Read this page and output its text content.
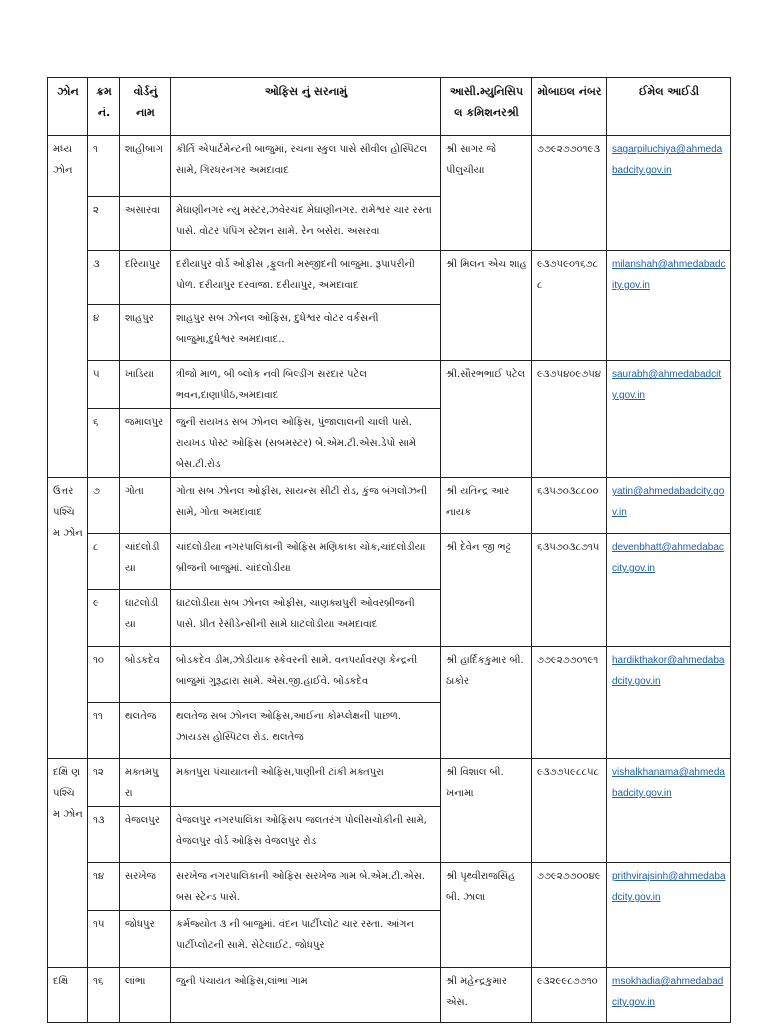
ઝોન	ક્રમ નં.	વોર્ડનું નામ	ઓફિસ નું સરનામું	આસી.મ્યુનિસિપલ કમિશનરશ્રી	મોબાઇલ નંબર	ઈમેલ આઈડી
મધ્ય ઝોન	૧	શાહીબાગ	કીર્તિ એપાર્ટમેન્ટની બાજુમાં, રચના સ્કુલ પાસે સીવીલ હોસ્પિટલ સામે, ગિરધરનગર અમદાવાદ	શ્રી સાગર જે પીલુચીયા	૭૭૯૨૭૭૦૧૯૩	sagarpiluchiya@ahmedabadcity.gov.in
	૨	અસારવા	મેઘાણીનગર ન્યુ મસ્ટર,ઝવેરચંદ મેઘાણીનગર. રામેશ્વર ચાર રસ્તા પાસે. વોટર પંપિંગ સ્ટેશન સામે. રેન બસેરા. અસરવા			
	૩	દરિયાપુર	દરીયાપુર વોર્ડ ઓફીસ ,ફુલતી મસ્જીદની બાજુમા. રૂપાપરીની પોળ. દરીયાપુર દરવાજા. દરીયાપુર, અમદાવાદ	શ્રી મિલન એચ શાહ	૯૩૭૫૯૦૧૬૭૮૮	milanshah@ahmedabadcity.gov.in
	૪	શાહપુર	શાહપુર સબ ઝોનલ ઓફિસ, દુધેશ્વર વોટર વર્કસની બાજુમા,દુધેશ્વર અમદાવાદ..			
	૫	ખાડિયા	ત્રીજો માળ, બી બ્લોક નવી બિલ્ડીંગ સરદાર પટેલ ભવન,દાણાપીઠ,અમદાવાદ	શ્રી.સૌરભભાઈ પટેલ	૯૩૭૫૪૦૯૭૫૪	saurabh@ahmedabadcity.gov.in
	૬	જમાલપુર	જુની રાયખડ સબ ઝોનલ ઓફિસ, પુંજાલાલની ચાલી પાસે. રાયખડ પોસ્ટ ઓફિસ (સબમસ્ટર) બે.એમ.ટી.એસ.ડેપો સામે બેસ.ટી.રોડ			
ઉત્તર પશ્ચિ મ ઝોન	૭	ગોતા	ગોતા સબ ઝોનલ ઓફીસ, સાયન્સ સીટી રોડ, કુંજ બંગલોઝની સામે, ગોતા અમદાવાદ	શ્રી યતિન્દ્ર આર નાયક	૬૩૫૭૦૩૮૮૦૦	yatin@ahmedabadcity.gov.in
	૮	ચાંદલોડીયા	ચાંદલોડીયા નગરપાલિકાની ઓફિસ મણિકાકા ચોક,ચાંદલોડીયા બ્રીજની બાજુમાં. ચાંદલોડીયા	શ્રી દેવેન જી ભટ્ટ	૬૩૫૭૦૩૮૭૧૫	devenbhatt@ahmedabaccity.gov.in
	૯	ઘાટલોડીયા	ઘાટલોડીયા સબ ઝોનલ ઓફીસ, ચાણક્યપુરી ઓવરબ્રીજની પાસે. પ્રીત રેસીડેન્સીની સામે ઘાટલોડીયા અમદાવાદ			
	૧૦	બોડકદેવ	બોડકદેવ ડીમ,ઝોડીયાક સ્કેવરની સામે. વનપર્યાવરણ કેન્દ્રની બાજુમાં ગુરૂદ્વારા સામે. એસ.જી.હાઈવે. બોડકદેવ	શ્રી હાર્દિકકુમાર બી. ઠાકોર	૭૭૯૨૭૭૦૧૯૧	hardikthakor@ahmedabadcity.gov.in
	૧૧	થલતેજ	થલતેજ સબ ઝોનલ ઓફિસ,આઈના કોમ્પ્લેક્ષની પાછળ. ઝાયડસ હોસ્પિટલ રોડ. થલતેજ			
દક્ષિ ણ પશ્ચિ મ ઝોન	૧૨	મક્તમપુરા	મક્તપુરા પંચાયાતની ઓફિસ,પાણીની ટાંકી મક્તપુરા	શ્રી વિશાલ બી. ખનામા	૯૩૭૭૫૯૮૮૫૮	vishalkhanama@ahmedabadcity.gov.in
	૧૩	વેજલપુર	વેજલપુર નગરપાલિકા ઓફિસપ જલતરંગ પોલીસચોકીની સામે, વેજલપુર વોર્ડ ઓફિસ વેજલપુર રોડ			
	૧૪	સરખેજ	સરખેજ નગરપાલિકાની ઓફિસ સરખેજ ગામ બે.એમ.ટી.એસ. બસ સ્ટેન્ડ પાસે.	શ્રી પૃથ્વીરાજસિંહ બી. ઝાલા	૭૭૯૨૭૭૦૦૪૯	prithvirajsinh@ahmedabadcity.gov.in
	૧૫	જોધપુર	કર્મજ્યોત ૩ ની બાજુમાં. વંદન પાર્ટીપ્લોટ ચાર રસ્તા. આંગન પાર્ટીપ્લોટની સામે. સેટેલાઈટ. જોધપુર			
દક્ષિ	૧૬	લાંભા	જુની પંચાયત ઓફિસ,લાંભા ગામ	શ્રી મહેન્દ્રકુમાર એસ.	૯૩૨૯૯૮૭૭૧૦	msokhadia@ahmedabadcity.gov.in
